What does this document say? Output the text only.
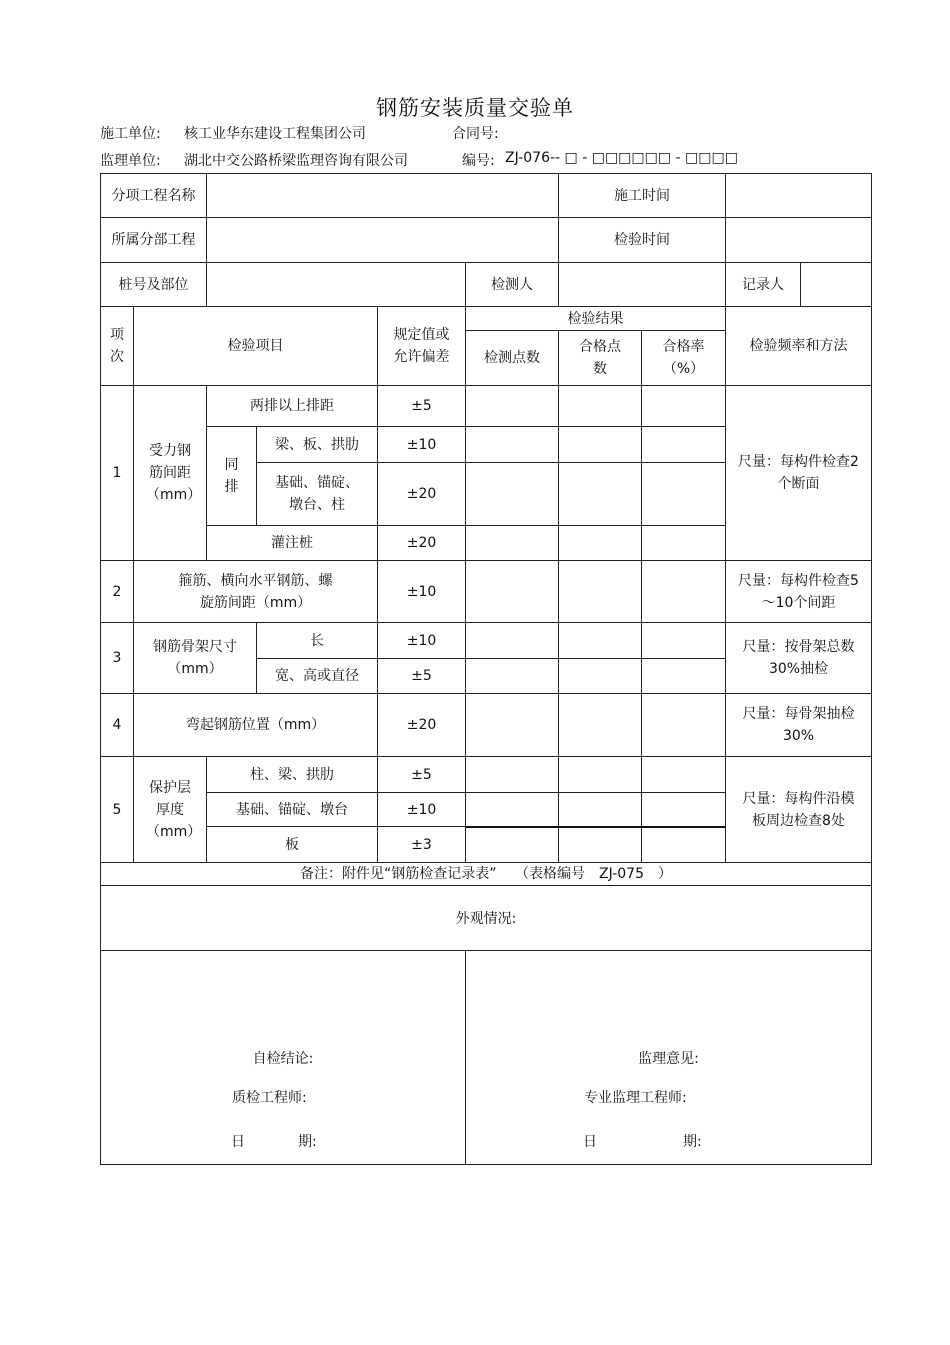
钢筋安装质量交验单
施工单位: 核工业华东建设工程集团公司	合同号:
监理单位: 湖北中交公路桥梁监理咨询有限公司	编号: ZJ-076-- □ - □□□□□□ - □□□□
分项工程名称						施工时间			
所属分部工程						检验时间			
桩号及部位					检测人			记录人	
项次	检验项目			规定值或允许偏差	检验结果			检验频率和方法	
					检测点数	合格点数	合格率（%）		
1	受力钢筋间距（mm）	两排以上排距		±5				尺量：每构件检查2个断面	
		同排	梁、板、拱肋	±10					
			基础、锚碇、墩台、柱	±20					
		灌注桩		±20					
2	箍筋、横向水平钢筋、螺旋筋间距（mm）			±10				尺量：每构件检查5～10个间距	
3	钢筋骨架尺寸（mm）		长	±10				尺量：按骨架总数30%抽检	
			宽、高或直径	±5					
4	弯起钢筋位置（mm）			±20				尺量：每骨架抽检30%	
5	保护层厚度（mm）	柱、梁、拱肋		±5				尺量：每构件沿模板周边检查8处	
		基础、锚碇、墩台		±10					
		板		±3					
备注：附件见“钢筋检查记录表”　 （表格编号　ZJ-075　）									
外观情况:									
自检结论:					监理意见:				
质检工程师:
日	期:
专业监理工程师:
日	期:
